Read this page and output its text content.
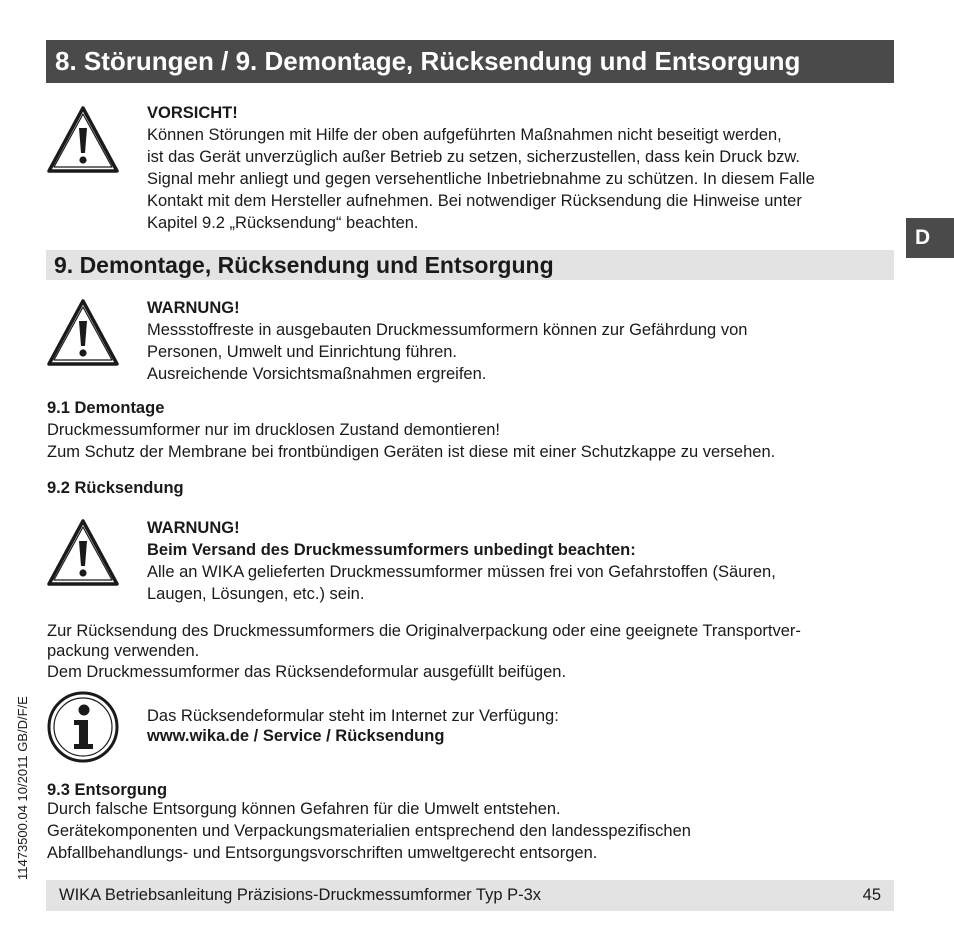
8. Störungen / 9. Demontage, Rücksendung und Entsorgung
D
VORSICHT!
Können Störungen mit Hilfe der oben aufgeführten Maßnahmen nicht beseitigt werden,
ist das Gerät unverzüglich außer Betrieb zu setzen, sicherzustellen, dass kein Druck bzw.
Signal mehr anliegt und gegen versehentliche Inbetriebnahme zu schützen. In diesem Falle
Kontakt mit dem Hersteller aufnehmen. Bei notwendiger Rücksendung die Hinweise unter
Kapitel 9.2 „Rücksendung“ beachten.
9. Demontage, Rücksendung und Entsorgung
WARNUNG!
Messstoffreste in ausgebauten Druckmessumformern können zur Gefährdung von
Personen, Umwelt und Einrichtung führen.
Ausreichende Vorsichtsmaßnahmen ergreifen.
9.1 Demontage
Druckmessumformer nur im drucklosen Zustand demontieren!
Zum Schutz der Membrane bei frontbündigen Geräten ist diese mit einer Schutzkappe zu versehen.
9.2 Rücksendung
WARNUNG!
Beim Versand des Druckmessumformers unbedingt beachten:
Alle an WIKA gelieferten Druckmessumformer müssen frei von Gefahrstoffen (Säuren,
Laugen, Lösungen, etc.) sein.
Zur Rücksendung des Druckmessumformers die Originalverpackung oder eine geeignete Transportver-
packung verwenden.
Dem Druckmessumformer das Rücksendeformular ausgefüllt beifügen.
Das Rücksendeformular steht im Internet zur Verfügung:
www.wika.de / Service / Rücksendung
9.3 Entsorgung
Durch falsche Entsorgung können Gefahren für die Umwelt entstehen.
Gerätekomponenten und Verpackungsmaterialien entsprechend den landesspezifischen
Abfallbehandlungs- und Entsorgungsvorschriften umweltgerecht entsorgen.
11473500.04 10/2011 GB/D/F/E
WIKA Betriebsanleitung Präzisions-Druckmessumformer Typ P-3x	45
